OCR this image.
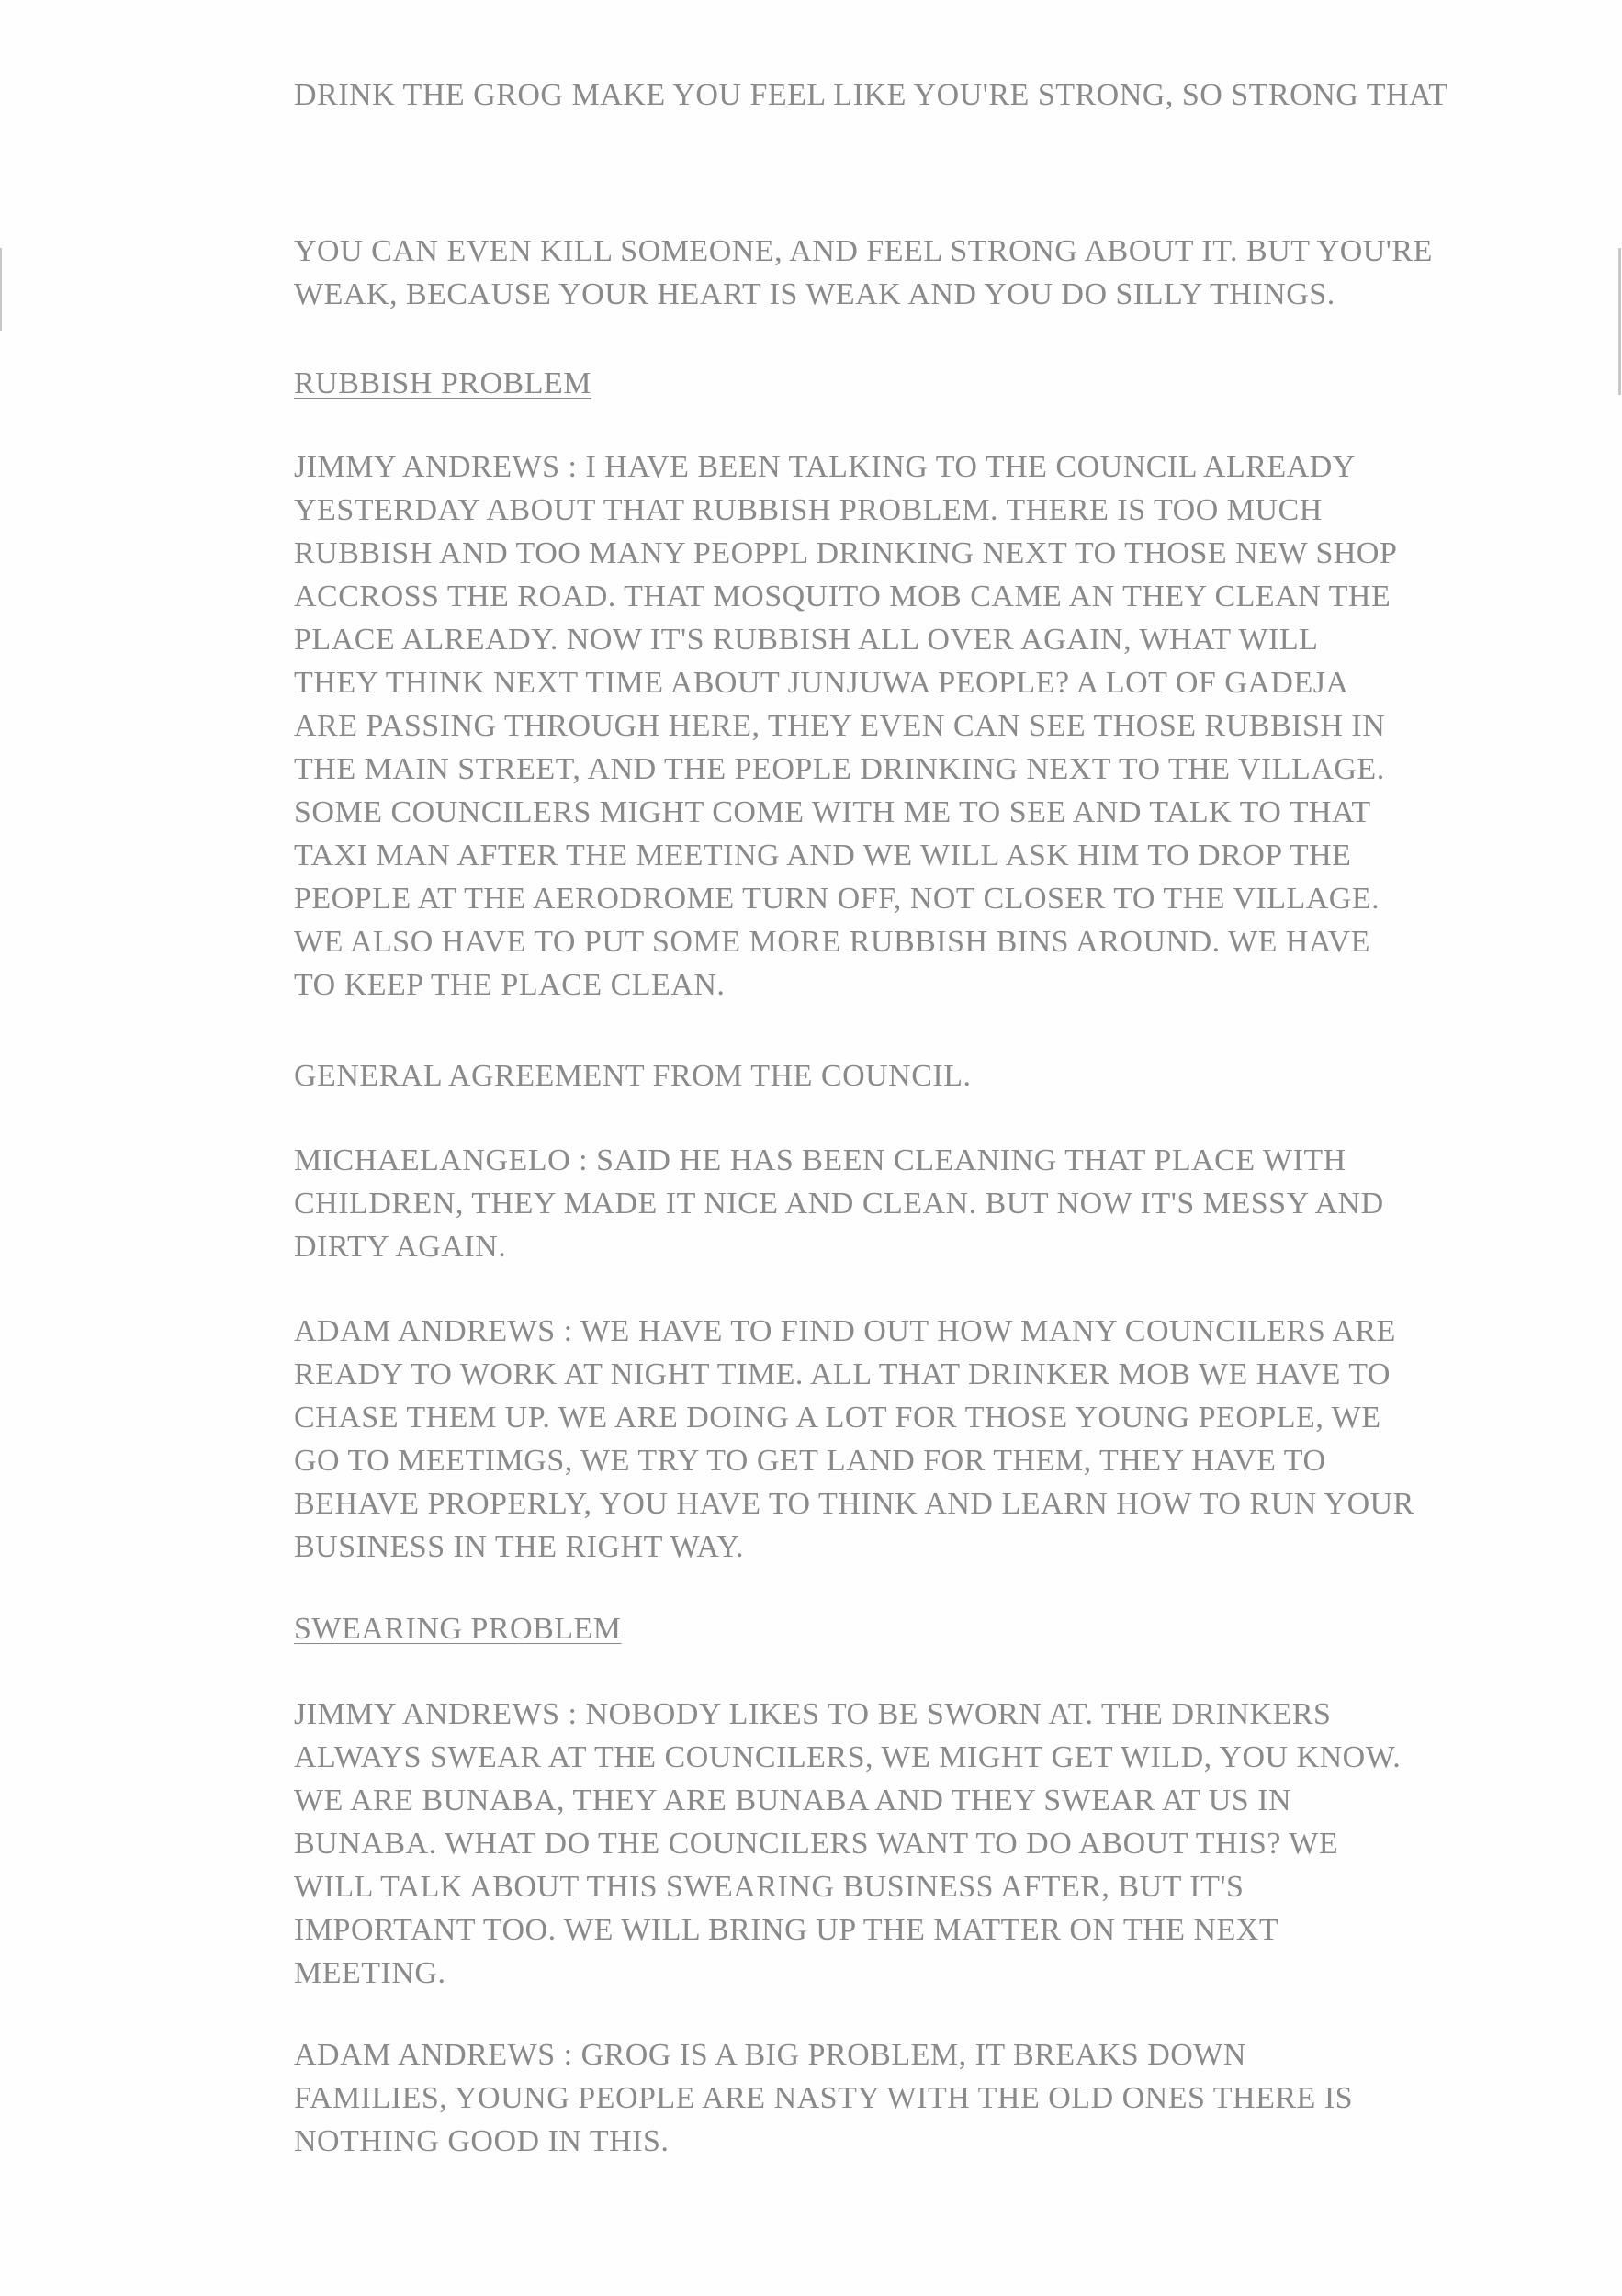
DRINK THE GROG MAKE YOU FEEL LIKE YOU'RE STRONG, SO STRONG THAT
YOU CAN EVEN KILL SOMEONE, AND FEEL STRONG ABOUT IT. BUT YOU'RE
WEAK, BECAUSE YOUR HEART IS WEAK AND YOU DO SILLY THINGS.
RUBBISH PROBLEM
JIMMY ANDREWS : I HAVE BEEN TALKING TO THE COUNCIL ALREADY
YESTERDAY ABOUT THAT RUBBISH PROBLEM. THERE IS TOO MUCH
RUBBISH AND TOO MANY PEOPPL DRINKING NEXT TO THOSE NEW SHOP
ACCROSS THE ROAD. THAT MOSQUITO MOB CAME AN THEY CLEAN THE
PLACE ALREADY. NOW IT'S RUBBISH ALL OVER AGAIN, WHAT WILL
THEY THINK NEXT TIME ABOUT JUNJUWA PEOPLE? A LOT OF GADEJA
ARE PASSING THROUGH HERE, THEY EVEN CAN SEE THOSE RUBBISH IN
THE MAIN STREET, AND THE PEOPLE DRINKING NEXT TO THE VILLAGE.
SOME COUNCILERS MIGHT COME WITH ME TO SEE AND TALK TO THAT
TAXI MAN AFTER THE MEETING AND WE WILL ASK HIM TO DROP THE
PEOPLE AT THE AERODROME TURN OFF, NOT CLOSER TO THE VILLAGE.
WE ALSO HAVE TO PUT SOME MORE RUBBISH BINS AROUND. WE HAVE
TO KEEP THE PLACE CLEAN.
GENERAL AGREEMENT FROM THE COUNCIL.
MICHAELANGELO : SAID HE HAS BEEN CLEANING THAT PLACE WITH
CHILDREN, THEY MADE IT NICE AND CLEAN. BUT NOW IT'S MESSY AND
DIRTY AGAIN.
ADAM ANDREWS : WE HAVE TO FIND OUT HOW MANY COUNCILERS ARE
READY TO WORK AT NIGHT TIME. ALL THAT DRINKER MOB WE HAVE TO
CHASE THEM UP. WE ARE DOING A LOT FOR THOSE YOUNG PEOPLE, WE
GO TO MEETIMGS, WE TRY TO GET LAND FOR THEM, THEY HAVE TO
BEHAVE PROPERLY, YOU HAVE TO THINK AND LEARN HOW TO RUN YOUR
BUSINESS IN THE RIGHT WAY.
SWEARING PROBLEM
JIMMY ANDREWS : NOBODY LIKES TO BE SWORN AT. THE DRINKERS
ALWAYS SWEAR AT THE COUNCILERS, WE MIGHT GET WILD, YOU KNOW.
WE ARE BUNABA, THEY ARE BUNABA AND THEY SWEAR AT US IN
BUNABA. WHAT DO THE COUNCILERS WANT TO DO ABOUT THIS? WE
WILL TALK ABOUT THIS SWEARING BUSINESS AFTER, BUT IT'S
IMPORTANT TOO. WE WILL BRING UP THE MATTER ON THE NEXT
MEETING.
ADAM ANDREWS : GROG IS A BIG PROBLEM, IT BREAKS DOWN
FAMILIES, YOUNG PEOPLE ARE NASTY WITH THE OLD ONES THERE IS
NOTHING GOOD IN THIS.
